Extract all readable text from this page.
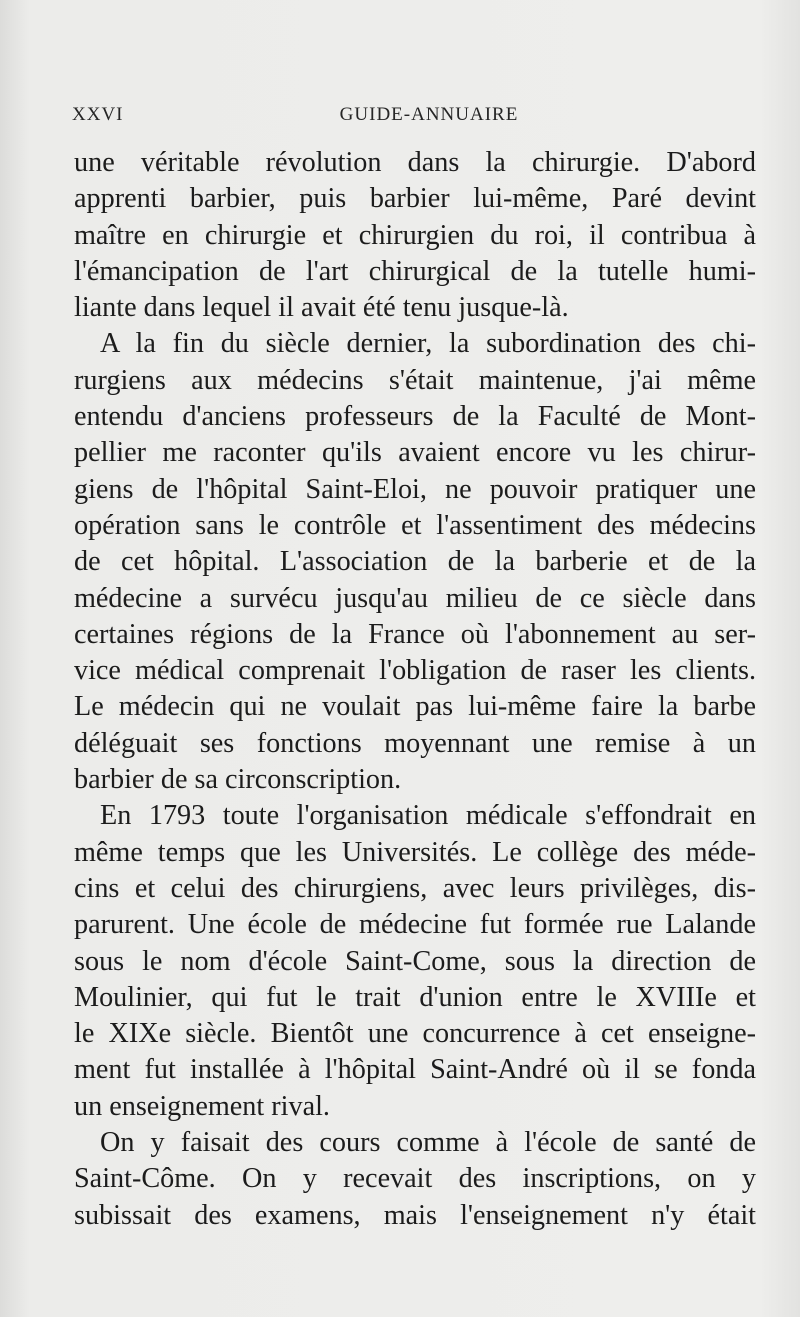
XXVI	GUIDE-ANNUAIRE
une véritable révolution dans la chirurgie. D'abord
apprenti barbier, puis barbier lui-même, Paré devint
maître en chirurgie et chirurgien du roi, il contribua à
l'émancipation de l'art chirurgical de la tutelle humi-
liante dans lequel il avait été tenu jusque-là.
A la fin du siècle dernier, la subordination des chi-
rurgiens aux médecins s'était maintenue, j'ai même
entendu d'anciens professeurs de la Faculté de Mont-
pellier me raconter qu'ils avaient encore vu les chirur-
giens de l'hôpital Saint-Eloi, ne pouvoir pratiquer une
opération sans le contrôle et l'assentiment des médecins
de cet hôpital. L'association de la barberie et de la
médecine a survécu jusqu'au milieu de ce siècle dans
certaines régions de la France où l'abonnement au ser-
vice médical comprenait l'obligation de raser les clients.
Le médecin qui ne voulait pas lui-même faire la barbe
déléguait ses fonctions moyennant une remise à un
barbier de sa circonscription.
En 1793 toute l'organisation médicale s'effondrait en
même temps que les Universités. Le collège des méde-
cins et celui des chirurgiens, avec leurs privilèges, dis-
parurent. Une école de médecine fut formée rue Lalande
sous le nom d'école Saint-Come, sous la direction de
Moulinier, qui fut le trait d'union entre le XVIIIe et
le XIXe siècle. Bientôt une concurrence à cet enseigne-
ment fut installée à l'hôpital Saint-André où il se fonda
un enseignement rival.
On y faisait des cours comme à l'école de santé de
Saint-Côme. On y recevait des inscriptions, on y
subissait des examens, mais l'enseignement n'y était
